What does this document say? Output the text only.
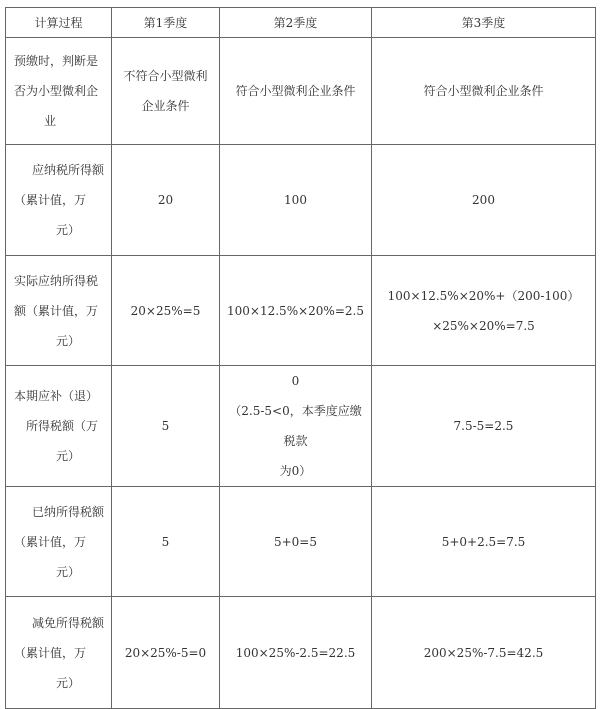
计算过程	第1季度	第2季度	第3季度

预缴时，判断是
否为小型微利企
业	不符合小型微利
企业条件	符合小型微利企业条件	符合小型微利企业条件

应纳税所得额
（累计值，万
元）	20	100	200

实际应纳所得税
额（累计值，万
元）	20×25%=5	100×12.5%×20%=2.5	100×12.5%×20%+（200-100）
×25%×20%=7.5

本期应补（退）
所得税额（万
元）	5	0
（2.5-5<0，本季度应缴税款
为0）	7.5-5=2.5

已纳所得税额
（累计值，万
元）	5	5+0=5	5+0+2.5=7.5

减免所得税额
（累计值，万
元）	20×25%-5=0	100×25%-2.5=22.5	200×25%-7.5=42.5
